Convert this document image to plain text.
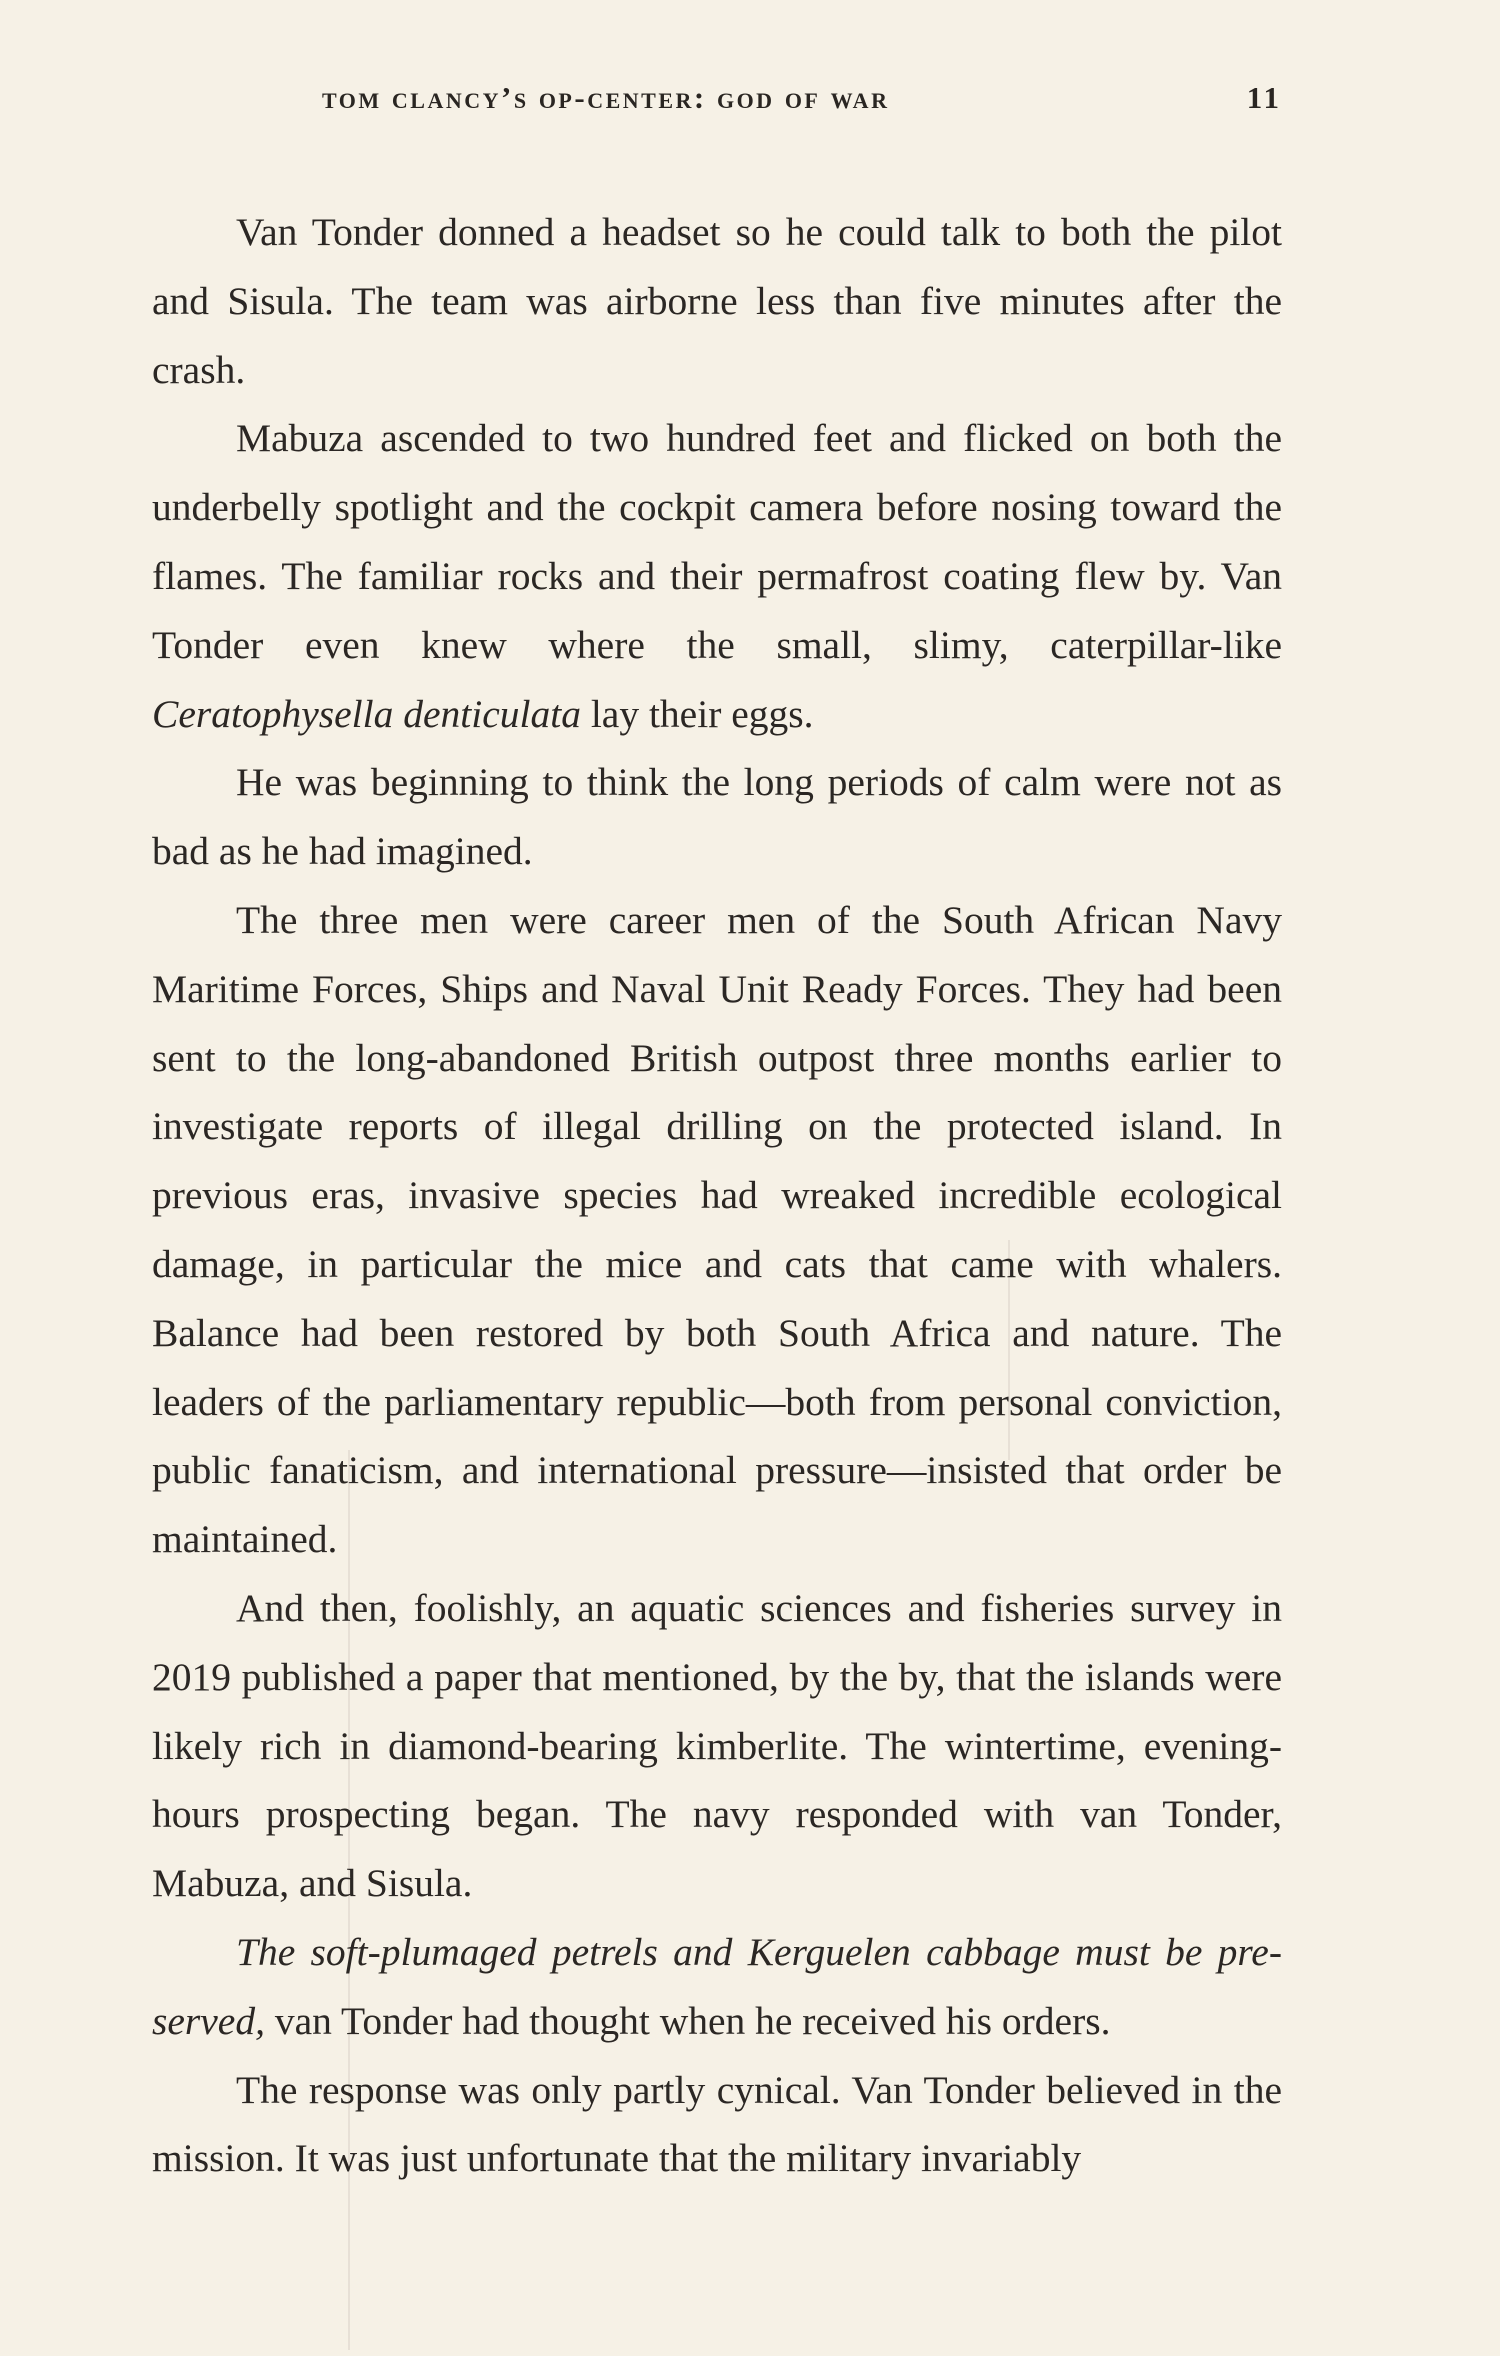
tom clancy’s op-center: god of war	11

Van Tonder donned a headset so he could talk to both the pilot and Sisula. The team was airborne less than five minutes after the crash.

Mabuza ascended to two hundred feet and flicked on both the underbelly spotlight and the cockpit camera before nosing toward the flames. The familiar rocks and their permafrost coating flew by. Van Tonder even knew where the small, slimy, caterpillar-like Ceratophysella denticulata lay their eggs.

He was beginning to think the long periods of calm were not as bad as he had imagined.

The three men were career men of the South African Navy Maritime Forces, Ships and Naval Unit Ready Forces. They had been sent to the long-abandoned British outpost three months earlier to investigate reports of illegal drilling on the protected island. In previous eras, invasive species had wreaked incredible ecological damage, in particular the mice and cats that came with whalers. Balance had been restored by both South Africa and nature. The leaders of the parliamentary republic—both from personal conviction, public fanaticism, and international pressure—insisted that order be maintained.

And then, foolishly, an aquatic sciences and fisheries survey in 2019 published a paper that mentioned, by the by, that the islands were likely rich in diamond-bearing kimberlite. The wintertime, evening-hours prospecting began. The navy responded with van Tonder, Mabuza, and Sisula.

The soft-plumaged petrels and Kerguelen cabbage must be preserved, van Tonder had thought when he received his orders.

The response was only partly cynical. Van Tonder believed in the mission. It was just unfortunate that the military invariably
